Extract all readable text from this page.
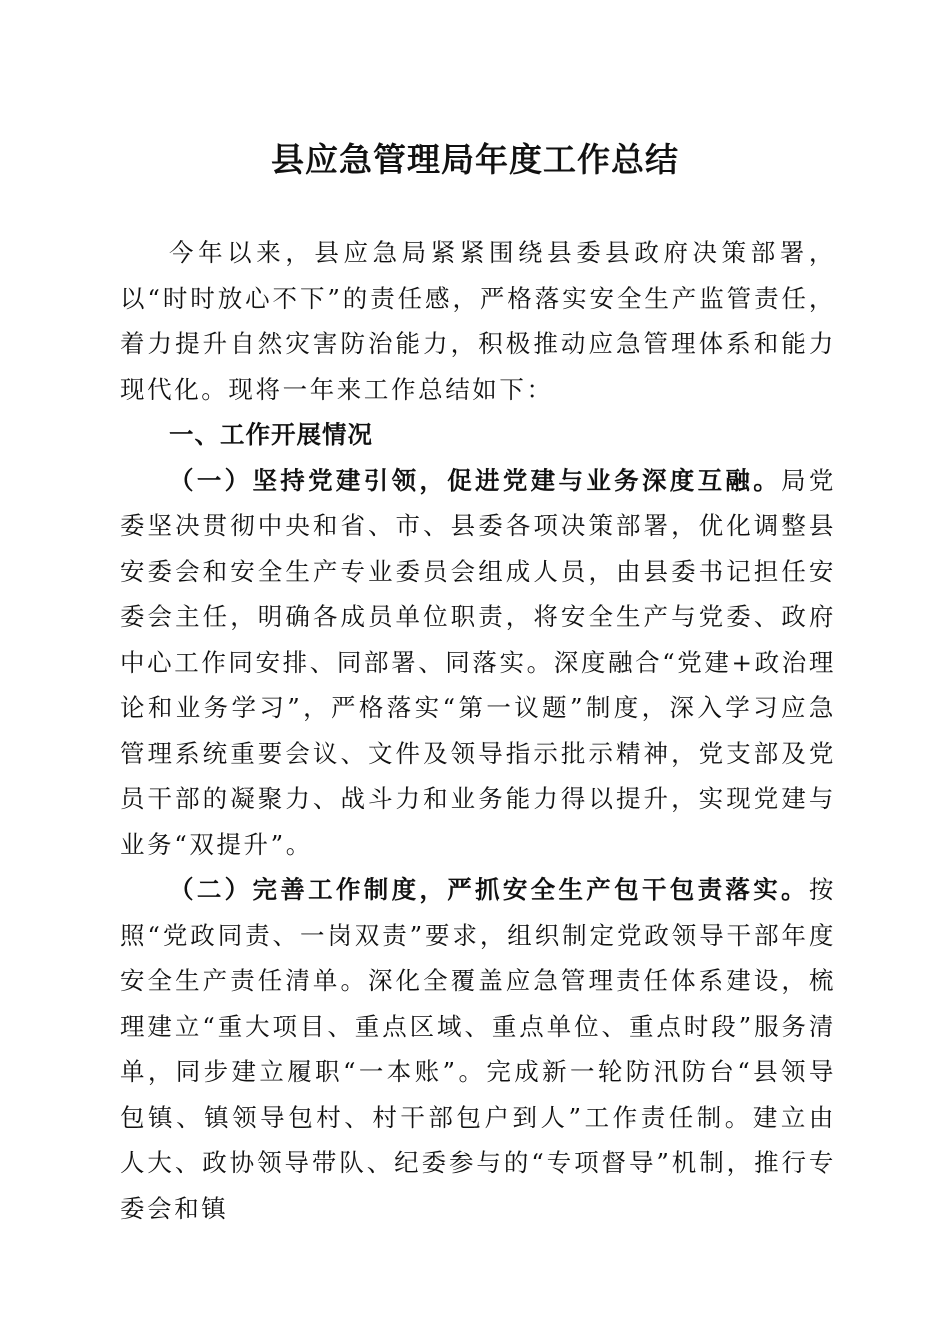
县应急管理局年度工作总结

今年以来，县应急局紧紧围绕县委县政府决策部署，以“时时放心不下”的责任感，严格落实安全生产监管责任，着力提升自然灾害防治能力，积极推动应急管理体系和能力现代化。现将一年来工作总结如下：

一、工作开展情况

（一）坚持党建引领，促进党建与业务深度互融。局党委坚决贯彻中央和省、市、县委各项决策部署，优化调整县安委会和安全生产专业委员会组成人员，由县委书记担任安委会主任，明确各成员单位职责，将安全生产与党委、政府中心工作同安排、同部署、同落实。深度融合“党建+政治理论和业务学习”，严格落实“第一议题”制度，深入学习应急管理系统重要会议、文件及领导指示批示精神，党支部及党员干部的凝聚力、战斗力和业务能力得以提升，实现党建与业务“双提升”。

（二）完善工作制度，严抓安全生产包干包责落实。按照“党政同责、一岗双责”要求，组织制定党政领导干部年度安全生产责任清单。深化全覆盖应急管理责任体系建设，梳理建立“重大项目、重点区域、重点单位、重点时段”服务清单，同步建立履职“一本账”。完成新一轮防汛防台“县领导包镇、镇领导包村、村干部包户到人”工作责任制。建立由人大、政协领导带队、纪委参与的“专项督导”机制，推行专委会和镇
